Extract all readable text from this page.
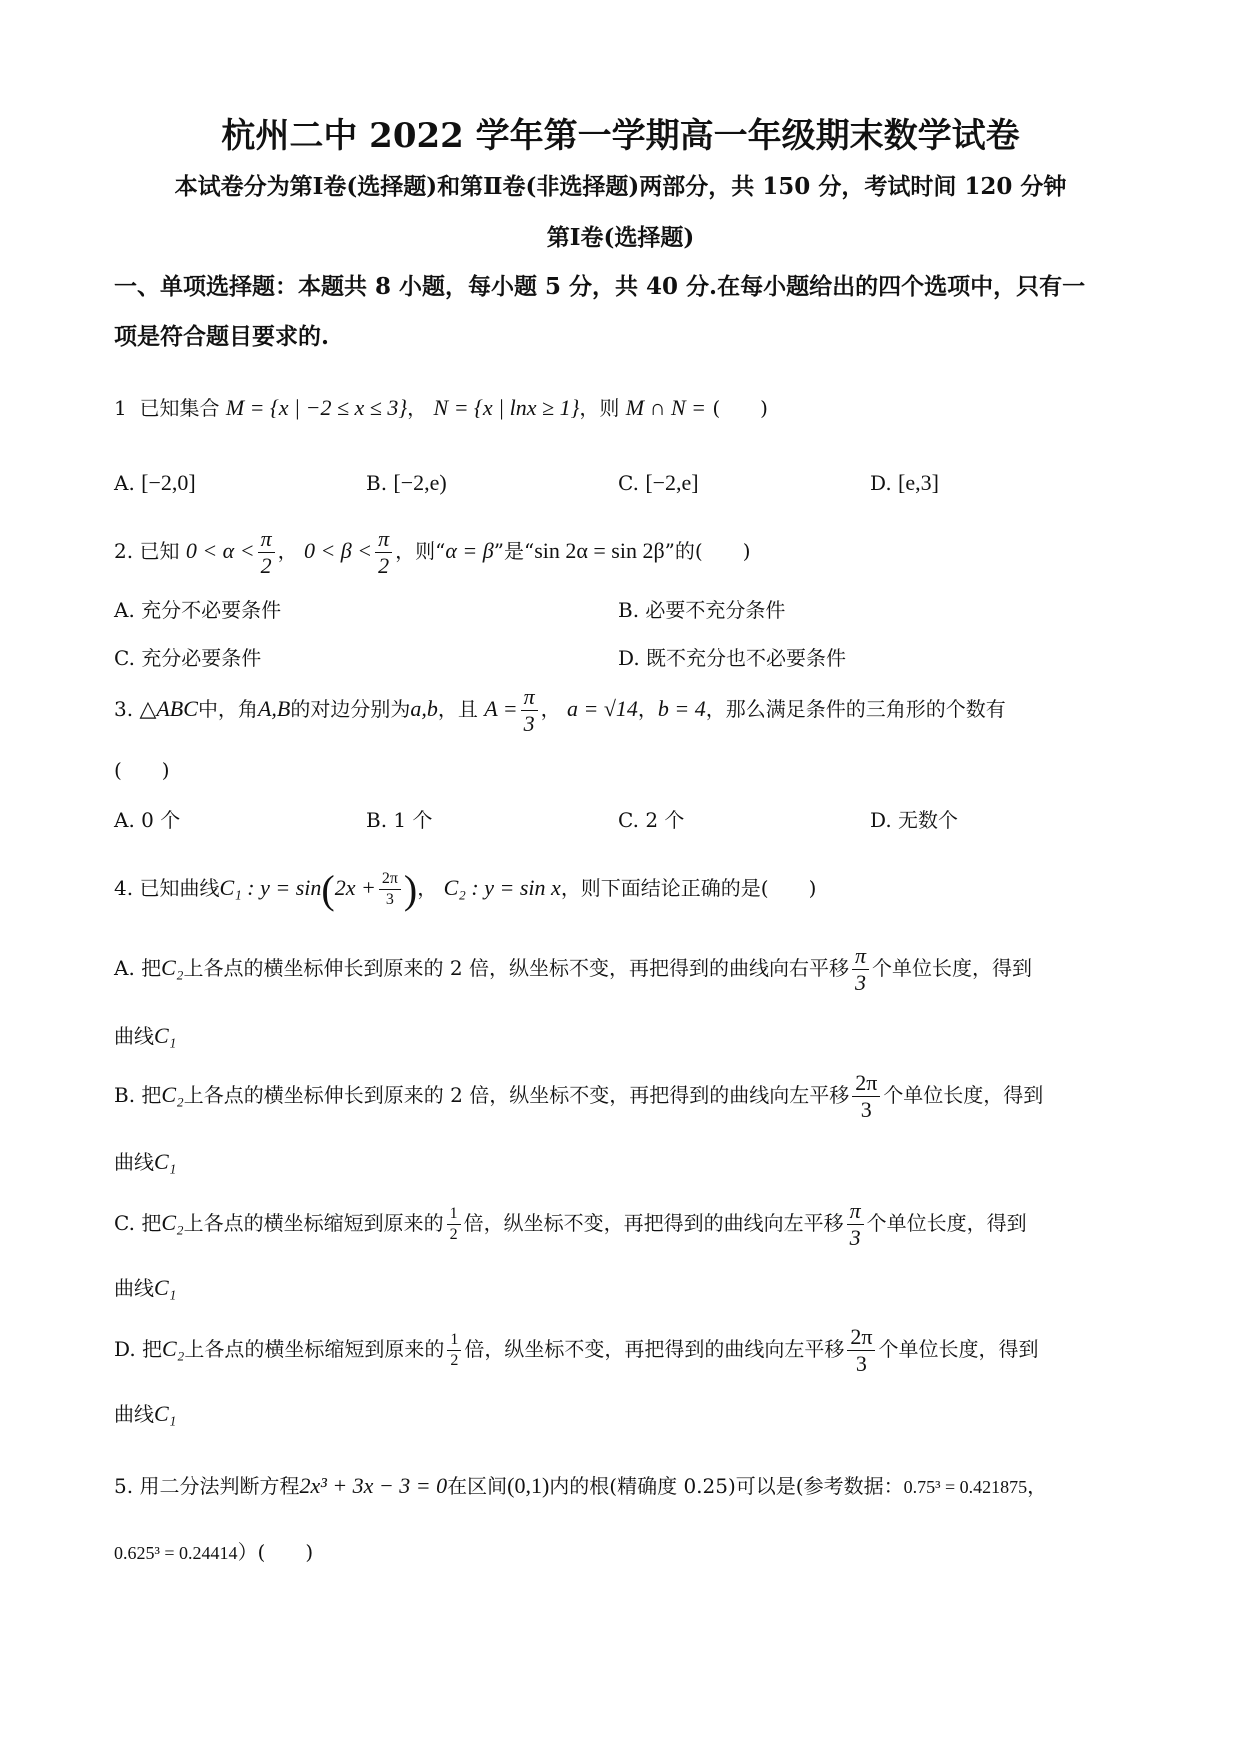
杭州二中 2022 学年第一学期高一年级期末数学试卷
本试卷分为第Ⅰ卷(选择题)和第Ⅱ卷(非选择题)两部分，共 150 分，考试时间 120 分钟
第Ⅰ卷(选择题)
一、单项选择题：本题共 8 小题，每小题 5 分，共 40 分.在每小题给出的四个选项中，只有一
项是符合题目要求的.
1 已知集合 M = {x | −2 ≤ x ≤ 3}， N = {x | lnx ≥ 1}，则 M ∩ N = (　　)
A. [−2,0]	B. [−2,e)	C. [−2,e]	D. [e,3]
2. 已知 $0 < \alpha < \frac{\pi}{2}$ ， $0 < \beta < \frac{\pi}{2}$ ，则“α = β”是“sin 2α = sin 2β”的(　　)
A. 充分不必要条件	B. 必要不充分条件
C. 充分必要条件	D. 既不充分也不必要条件
3. △ABC中，角A,B的对边分别为a,b，且 $A = \frac{\pi}{3}$ ， a = √14，b = 4，那么满足条件的三角形的个数有
(　　)
A. 0 个	B. 1 个	C. 2 个	D. 无数个
4. 已知曲线C₁ : $y = \sin(2x + \frac{2\pi}{3}$ )， C₂ : y = sin x，则下面结论正确的是(　　)
A. 把C₂上各点的横坐标伸长到原来的 2 倍，纵坐标不变，再把得到的曲线向右平移 $\frac{\pi}{3}$ 个单位长度，得到
曲线C₁
B. 把C₂上各点的横坐标伸长到原来的 2 倍，纵坐标不变，再把得到的曲线向左平移 $\frac{2\pi}{3}$ 个单位长度，得到
曲线C₁
C. 把C₂上各点的横坐标缩短到原来的 $\frac{1}{2}$ 倍，纵坐标不变，再把得到的曲线向左平移 $\frac{\pi}{3}$ 个单位长度，得到
曲线C₁
D. 把C₂上各点的横坐标缩短到原来的 $\frac{1}{2}$ 倍，纵坐标不变，再把得到的曲线向左平移 $\frac{2\pi}{3}$ 个单位长度，得到
曲线C₁
5. 用二分法判断方程2x³ + 3x − 3 = 0在区间(0,1)内的根(精确度 0.25)可以是(参考数据：0.75³ = 0.421875，
0.625³ = 0.24414）(　　)
